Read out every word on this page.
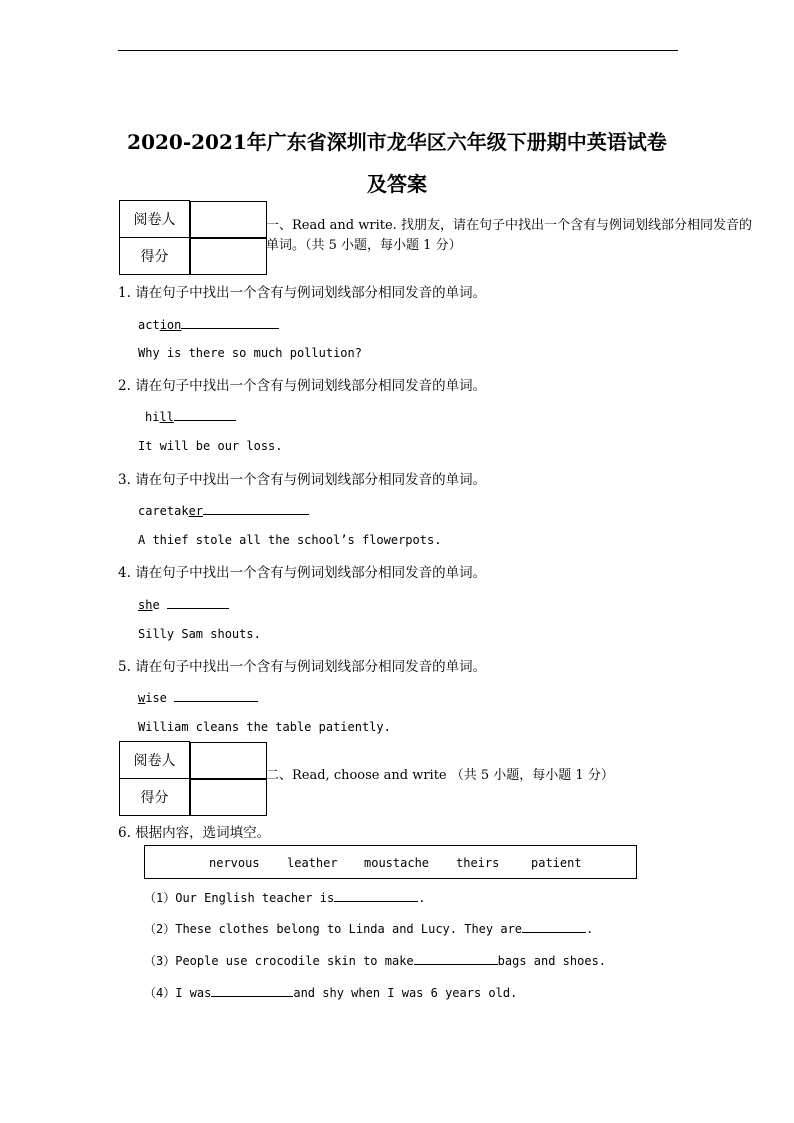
2020-2021年广东省深圳市龙华区六年级下册期中英语试卷
及答案
阅卷人	
得分	
一、Read and write. 找朋友，请在句子中找出一个含有与例词划线部分相同发音的
单词。（共 5 小题，每小题 1 分）
1. 请在句子中找出一个含有与例词划线部分相同发音的单词。
action
Why is there so much pollution?
2. 请在句子中找出一个含有与例词划线部分相同发音的单词。
hill
It will be our loss.
3. 请在句子中找出一个含有与例词划线部分相同发音的单词。
caretaker
A thief stole all the school’s flowerpots.
4. 请在句子中找出一个含有与例词划线部分相同发音的单词。
she
Silly Sam shouts.
5. 请在句子中找出一个含有与例词划线部分相同发音的单词。
wise
William cleans the table patiently.
阅卷人	
得分	
二、Read, choose and write （共 5 小题，每小题 1 分）
6. 根据内容，选词填空。
nervous leather moustache theirs	patient
（1）Our English teacher is	.
（2）These clothes belong to Linda and Lucy. They are	.
（3）People use crocodile skin to make	bags and shoes.
（4）I was	and shy when I was 6 years old.
